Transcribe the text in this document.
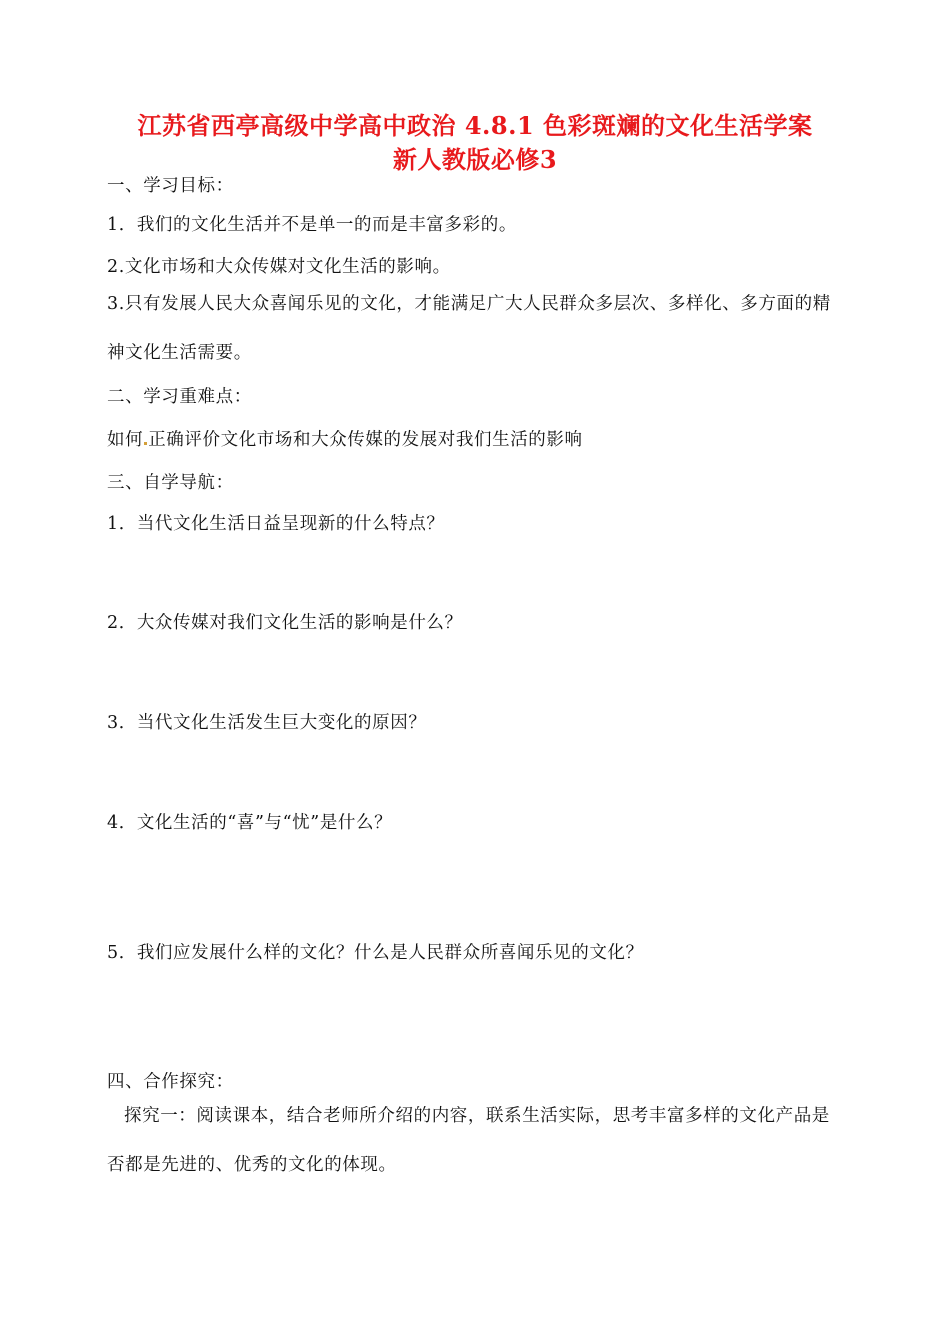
江苏省西亭高级中学高中政治 4.8.1 色彩斑斓的文化生活学案
新人教版必修3
一、学习目标：
1．我们的文化生活并不是单一的而是丰富多彩的。
2.文化市场和大众传媒对文化生活的影响。
3.只有发展人民大众喜闻乐见的文化，才能满足广大人民群众多层次、多样化、多方面的精神文化生活需要。
二、学习重难点：
如何 正确评价文化市场和大众传媒的发展对我们生活的影响
三、自学导航：
1．当代文化生活日益呈现新的什么特点？
2．大众传媒对我们文化生活的影响是什么？
3．当代文化生活发生巨大变化的原因？
4．文化生活的“喜”与“忧”是什么？
5．我们应发展什么样的文化？什么是人民群众所喜闻乐见的文化？
四、合作探究：
探究一：阅读课本，结合老师所介绍的内容，联系生活实际，思考丰富多样的文化产品是否都是先进的、优秀的文化的体现。
